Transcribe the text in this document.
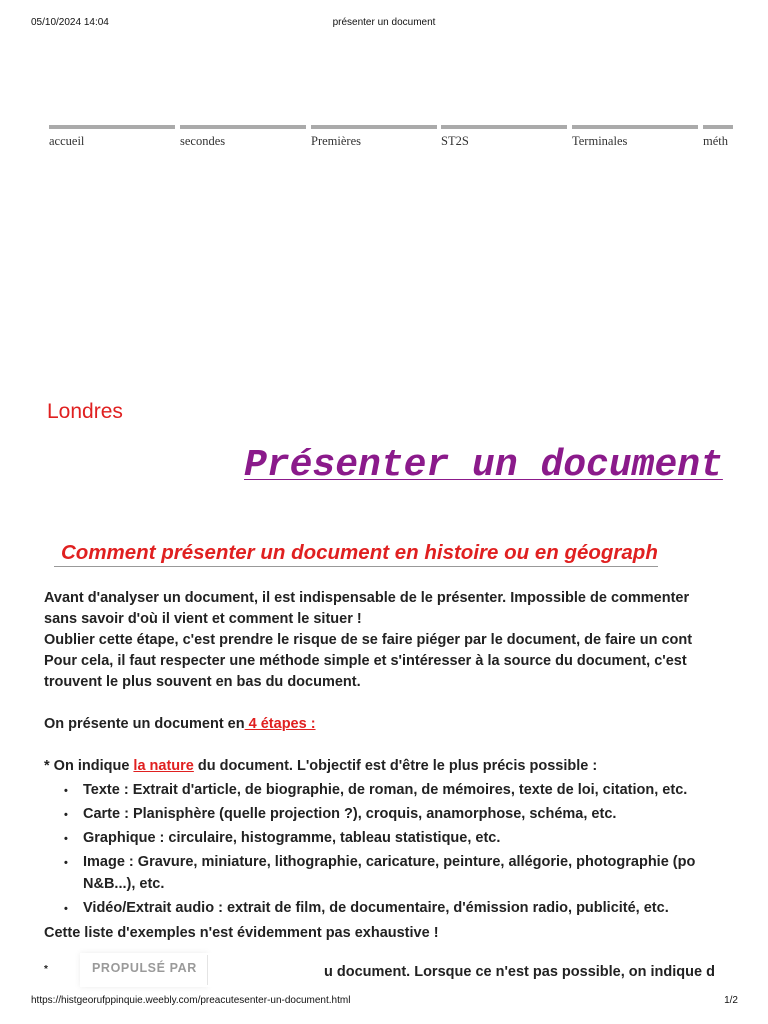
05/10/2024 14:04	présenter un document
accueil	secondes	Premières	ST2S	Terminales	méth
Londres
Présenter un document
Comment présenter un document en histoire ou en géograph
Avant d'analyser un document, il est indispensable de le présenter. Impossible de commenter
sans savoir d'où il vient et comment le situer !
Oublier cette étape, c'est prendre le risque de se faire piéger par le document, de faire un cont
Pour cela, il faut respecter une méthode simple et s'intéresser à la source du document, c'est
trouvent le plus souvent en bas du document.
On présente un document en 4 étapes :
* On indique la nature du document. L'objectif est d'être le plus précis possible :
• Texte : Extrait d'article, de biographie, de roman, de mémoires, texte de loi, citation, etc.
• Carte : Planisphère (quelle projection ?), croquis, anamorphose, schéma, etc.
• Graphique : circulaire, histogramme, tableau statistique, etc.
• Image : Gravure, miniature, lithographie, caricature, peinture, allégorie, photographie (po
N&B...), etc.
• Vidéo/Extrait audio : extrait de film, de documentaire, d'émission radio, publicité, etc.
Cette liste d'exemples n'est évidemment pas exhaustive !
*	u document. Lorsque ce n'est pas possible, on indique d
PROPULSÉ PAR
https://histgeorufppinquie.weebly.com/preacutesenter-un-document.html	1/2
